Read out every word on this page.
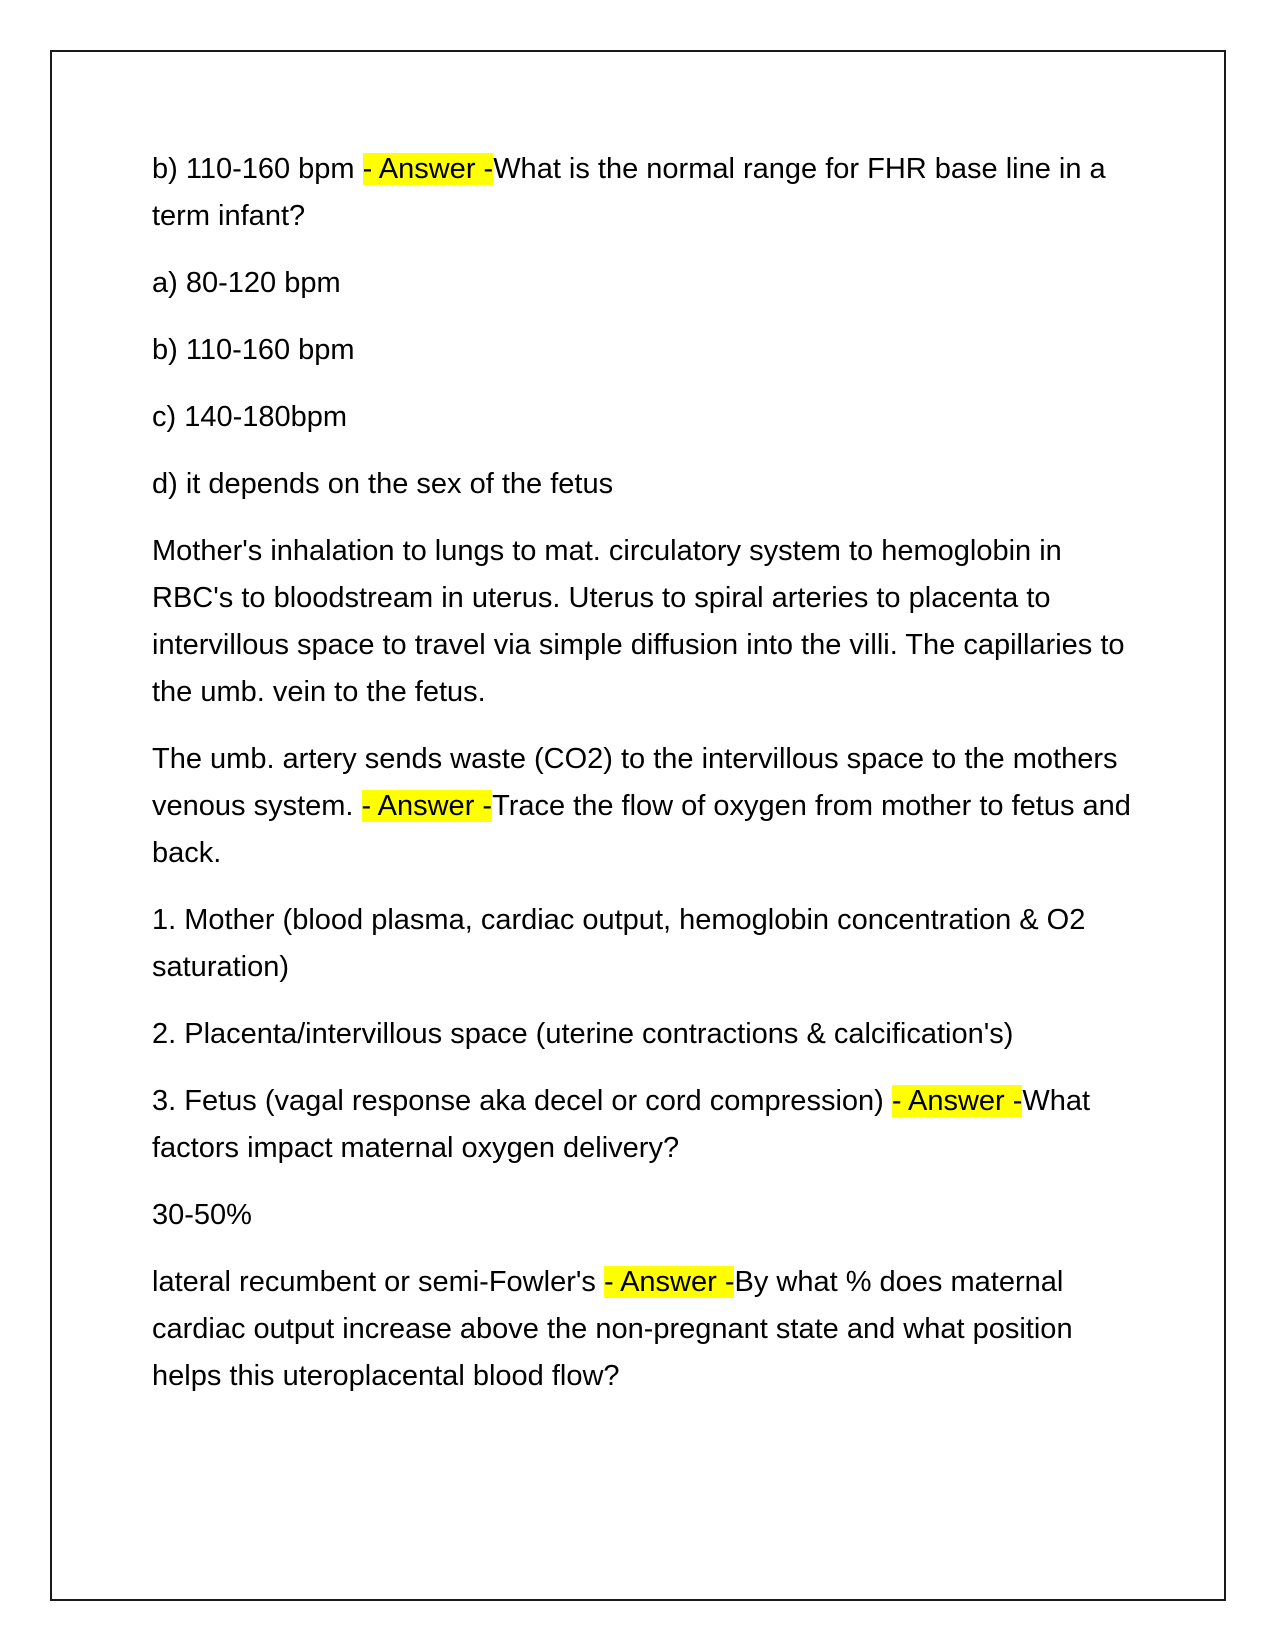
b) 110-160 bpm - Answer -What is the normal range for FHR base line in a term infant?

a) 80-120 bpm

b) 110-160 bpm

c) 140-180bpm

d) it depends on the sex of the fetus

Mother's inhalation to lungs to mat. circulatory system to hemoglobin in RBC's to bloodstream in uterus. Uterus to spiral arteries to placenta to intervillous space to travel via simple diffusion into the villi. The capillaries to the umb. vein to the fetus.

The umb. artery sends waste (CO2) to the intervillous space to the mothers venous system. - Answer -Trace the flow of oxygen from mother to fetus and back.

1. Mother (blood plasma, cardiac output, hemoglobin concentration & O2 saturation)

2. Placenta/intervillous space (uterine contractions & calcification's)

3. Fetus (vagal response aka decel or cord compression) - Answer -What factors impact maternal oxygen delivery?

30-50%

lateral recumbent or semi-Fowler's - Answer -By what % does maternal cardiac output increase above the non-pregnant state and what position helps this uteroplacental blood flow?
